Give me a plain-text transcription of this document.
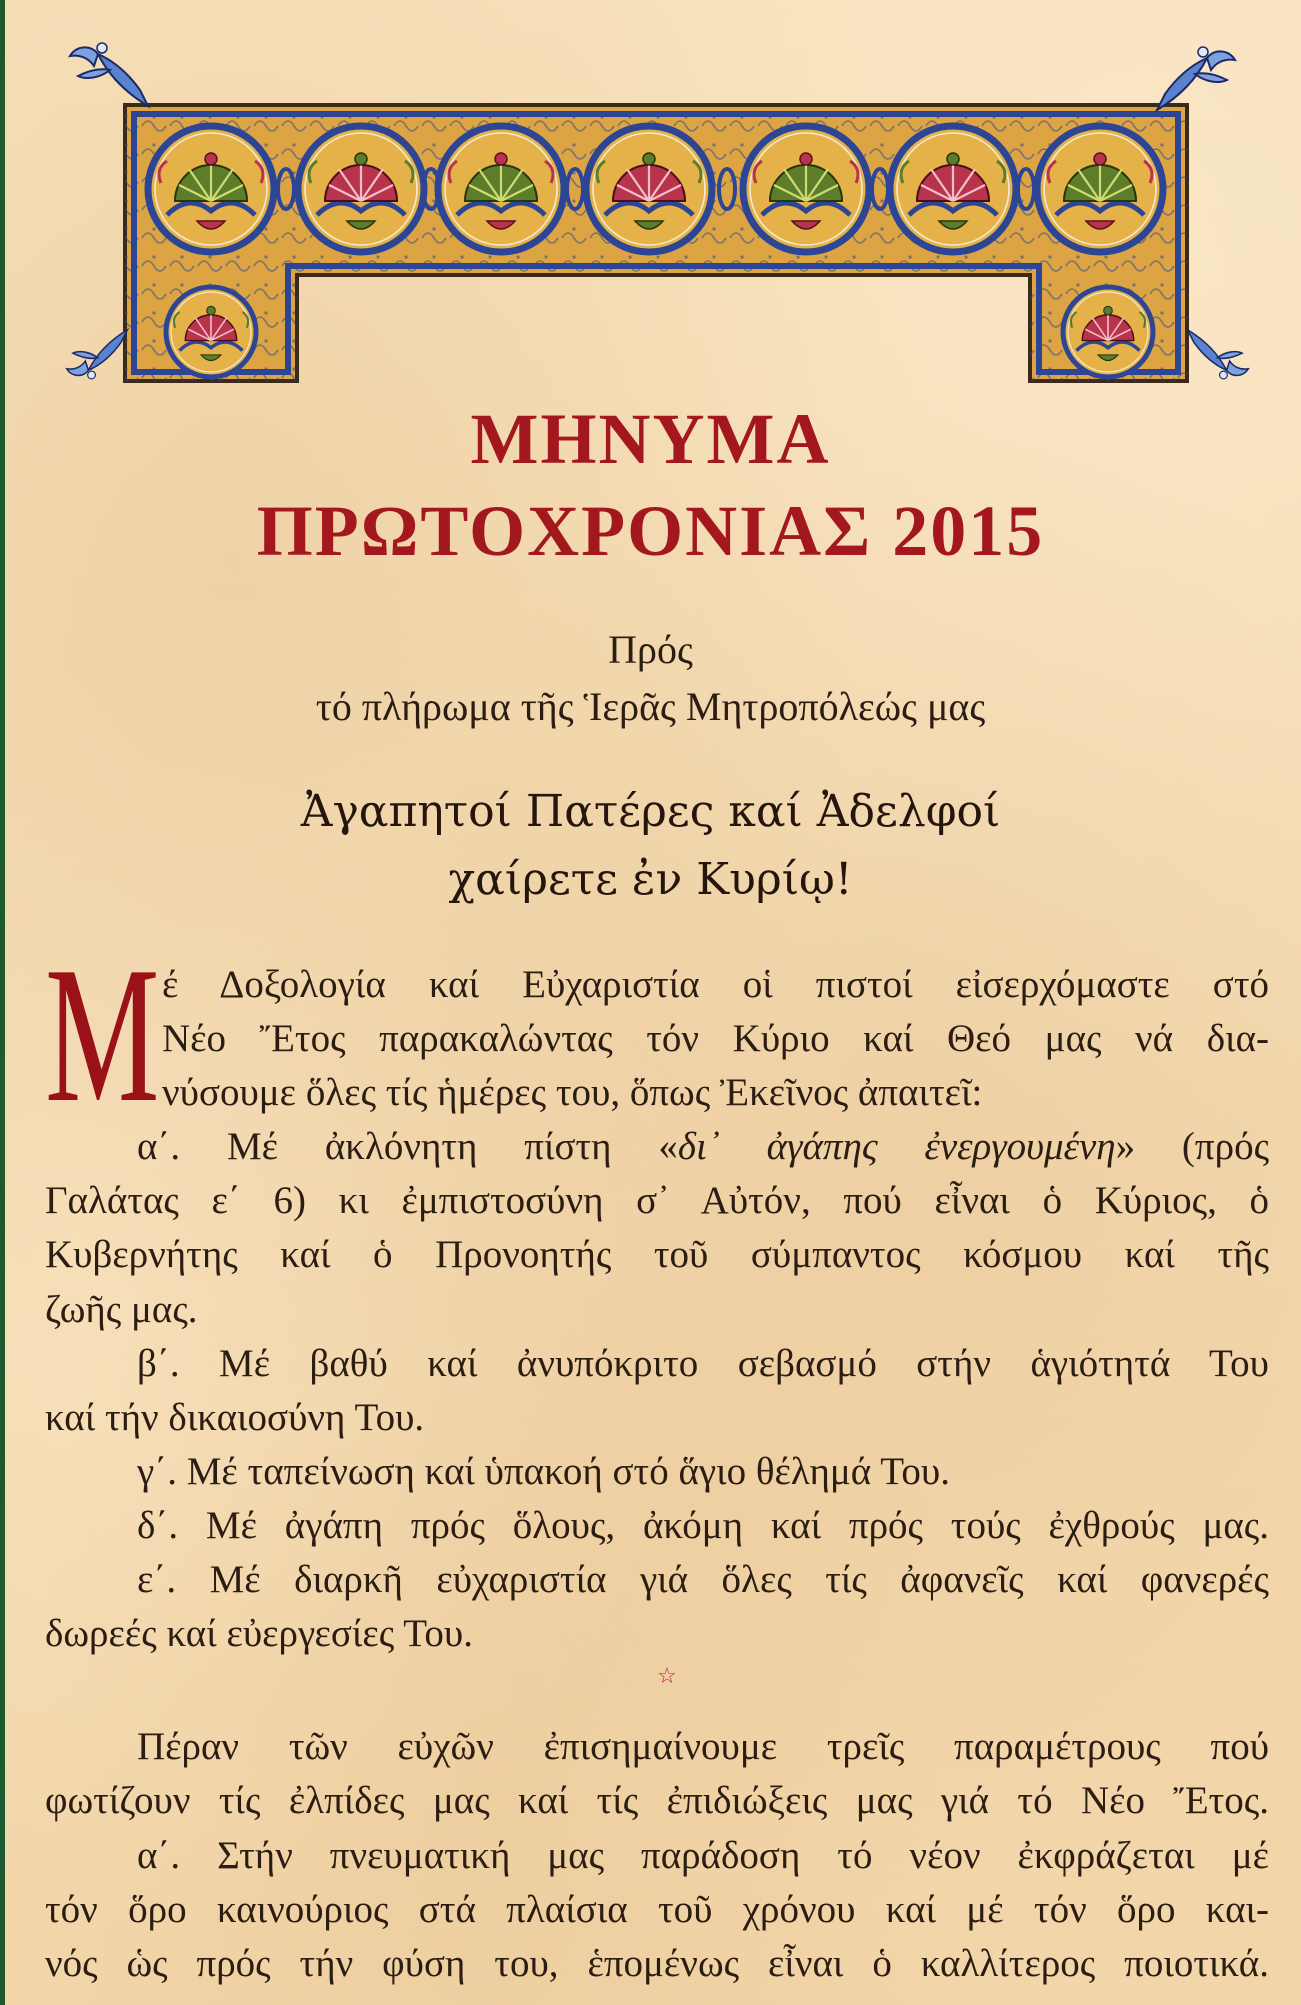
ΜΗΝΥΜΑ
ΠΡΩΤΟΧΡΟΝΙΑΣ 2015
Πρός
τό πλήρωμα τῆς Ἱερᾶς Μητροπόλεώς μας
Ἀγαπητοί Πατέρες καί Ἀδελφοί
χαίρετε ἐν Κυρίῳ!
Μ έ Δοξολογία καί Εὐχαριστία οἱ πιστοί εἰσερχόμαστε στό
Νέο Ἔτος παρακαλώντας τόν Κύριο καί Θεό μας νά δια-
νύσουμε ὅλες τίς ἡμέρες του, ὅπως Ἐκεῖνος ἀπαιτεῖ:
α΄. Μέ ἀκλόνητη πίστη «δι᾽ ἀγάπης ἐνεργουμένη» (πρός
Γαλάτας ε΄ 6) κι ἐμπιστοσύνη σ᾽ Αὐτόν, πού εἶναι ὁ Κύριος, ὁ
Κυβερνήτης καί ὁ Προνοητής τοῦ σύμπαντος κόσμου καί τῆς
ζωῆς μας.
β΄. Μέ βαθύ καί ἀνυπόκριτο σεβασμό στήν ἁγιότητά Του
καί τήν δικαιοσύνη Του.
γ΄. Μέ ταπείνωση καί ὑπακοή στό ἅγιο θέλημά Του.
δ΄. Μέ ἀγάπη πρός ὅλους, ἀκόμη καί πρός τούς ἐχθρούς μας.
ε΄. Μέ διαρκῆ εὐχαριστία γιά ὅλες τίς ἀφανεῖς καί φανερές
δωρεές καί εὐεργεσίες Του.
☆
Πέραν τῶν εὐχῶν ἐπισημαίνουμε τρεῖς παραμέτρους πού
φωτίζουν τίς ἐλπίδες μας καί τίς ἐπιδιώξεις μας γιά τό Νέο Ἔτος.
α΄. Στήν πνευματική μας παράδοση τό νέον ἐκφράζεται μέ
τόν ὅρο καινούριος στά πλαίσια τοῦ χρόνου καί μέ τόν ὅρο και-
νός ὡς πρός τήν φύση του, ἑπομένως εἶναι ὁ καλλίτερος ποιοτικά.
